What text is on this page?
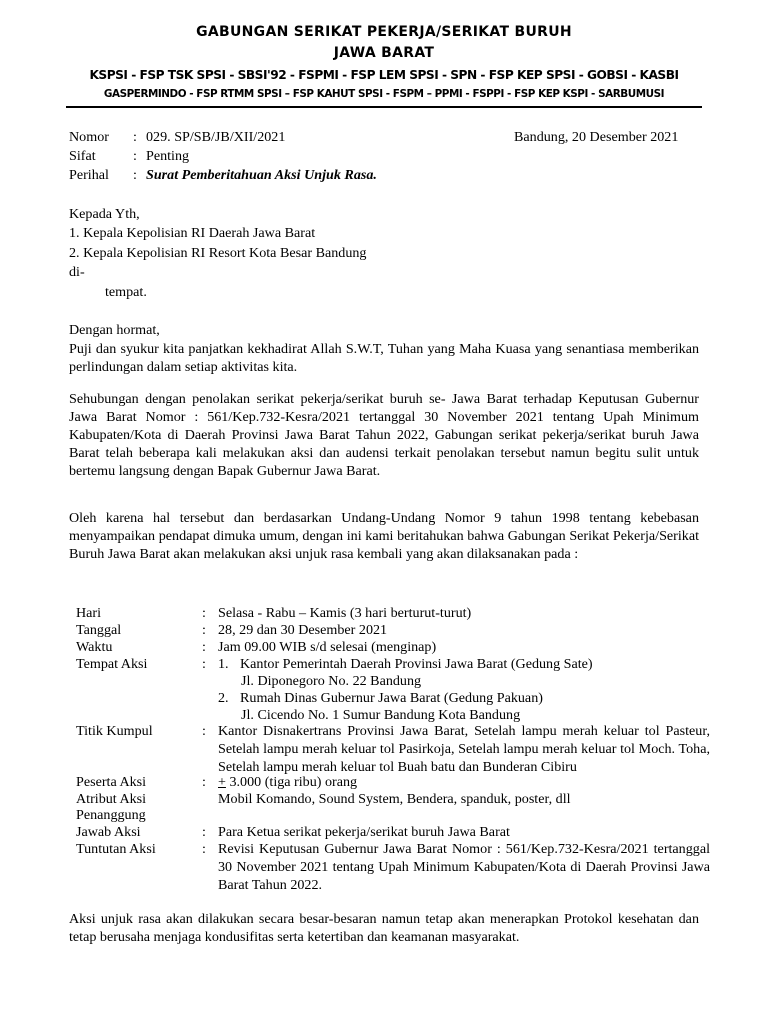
GABUNGAN SERIKAT PEKERJA/SERIKAT BURUH
JAWA BARAT
KSPSI - FSP TSK SPSI - SBSI'92 - FSPMI - FSP LEM SPSI - SPN - FSP KEP SPSI - GOBSI - KASBI
GASPERMINDO - FSP RTMM SPSI – FSP KAHUT SPSI - FSPM – PPMI - FSPPI - FSP KEP KSPI - SARBUMUSI
Nomor : 029. SP/SB/JB/XII/2021	Bandung, 20 Desember 2021
Sifat	: Penting
Perihal : Surat Pemberitahuan Aksi Unjuk Rasa.
Kepada Yth,
1. Kepala Kepolisian RI Daerah Jawa Barat
2. Kepala Kepolisian RI Resort Kota Besar Bandung
di-
tempat.
Dengan hormat,
Puji dan syukur kita panjatkan kekhadirat Allah S.W.T, Tuhan yang Maha Kuasa yang senantiasa memberikan perlindungan dalam setiap aktivitas kita.
Sehubungan dengan penolakan serikat pekerja/serikat buruh se- Jawa Barat terhadap Keputusan Gubernur Jawa Barat Nomor : 561/Kep.732-Kesra/2021 tertanggal 30 November 2021 tentang Upah Minimum Kabupaten/Kota di Daerah Provinsi Jawa Barat Tahun 2022, Gabungan serikat pekerja/serikat buruh Jawa Barat telah beberapa kali melakukan aksi dan audensi terkait penolakan tersebut namun begitu sulit untuk bertemu langsung dengan Bapak Gubernur Jawa Barat.
Oleh karena hal tersebut dan berdasarkan Undang-Undang Nomor 9 tahun 1998 tentang kebebasan menyampaikan pendapat dimuka umum, dengan ini kami beritahukan bahwa Gabungan Serikat Pekerja/Serikat Buruh Jawa Barat akan melakukan aksi unjuk rasa kembali yang akan dilaksanakan pada :
Hari	: Selasa - Rabu – Kamis (3 hari berturut-turut)
Tanggal	: 28, 29 dan 30 Desember 2021
Waktu	: Jam 09.00 WIB s/d selesai (menginap)
Tempat Aksi	: 1. Kantor Pemerintah Daerah Provinsi Jawa Barat (Gedung Sate)
Jl. Diponegoro No. 22 Bandung
2. Rumah Dinas Gubernur Jawa Barat (Gedung Pakuan)
Jl. Cicendo No. 1 Sumur Bandung Kota Bandung
Titik Kumpul	: Kantor Disnakertrans Provinsi Jawa Barat, Setelah lampu merah keluar tol Pasteur, Setelah lampu merah keluar tol Pasirkoja, Setelah lampu merah keluar tol Moch. Toha, Setelah lampu merah keluar tol Buah batu dan Bunderan Cibiru
Peserta Aksi	: + 3.000 (tiga ribu) orang
Atribut Aksi	Mobil Komando, Sound System, Bendera, spanduk, poster, dll
Penanggung
Jawab Aksi	: Para Ketua serikat pekerja/serikat buruh Jawa Barat
Tuntutan Aksi	: Revisi Keputusan Gubernur Jawa Barat Nomor : 561/Kep.732-Kesra/2021 tertanggal 30 November 2021 tentang Upah Minimum Kabupaten/Kota di Daerah Provinsi Jawa Barat Tahun 2022.
Aksi unjuk rasa akan dilakukan secara besar-besaran namun tetap akan menerapkan Protokol kesehatan dan tetap berusaha menjaga kondusifitas serta ketertiban dan keamanan masyarakat.
